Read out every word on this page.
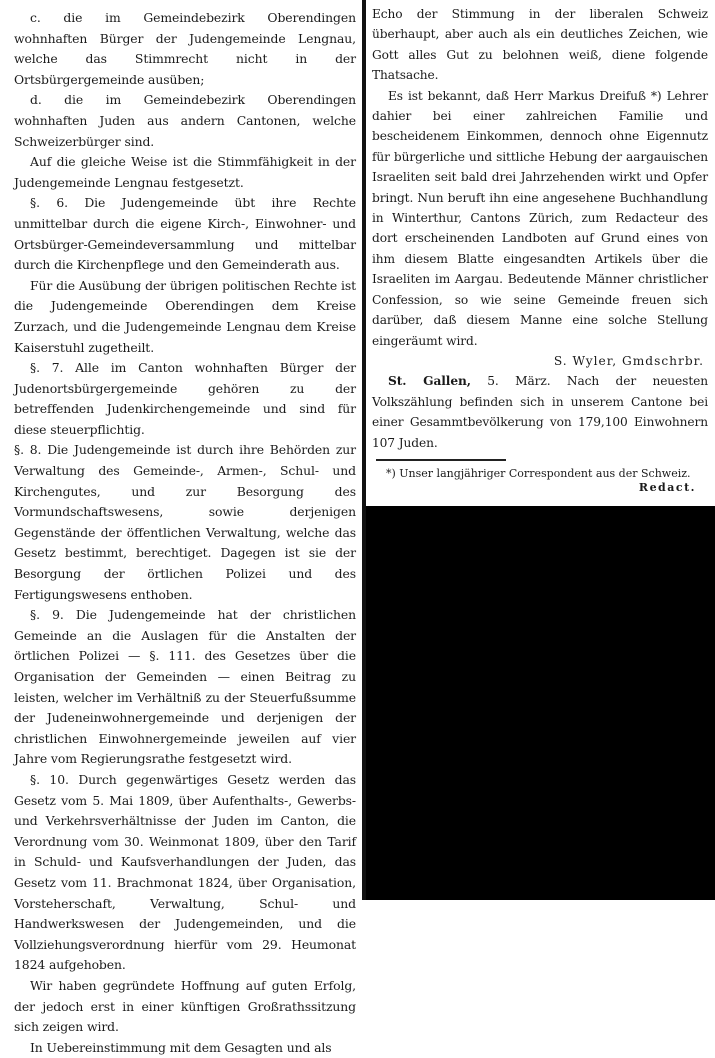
c. die im Gemeindebezirk Oberendingen wohnhaften Bürger der Judengemeinde Lengnau, welche das Stimmrecht nicht in der Ortsbürgergemeinde ausüben;

d. die im Gemeindebezirk Oberendingen wohnhaften Juden aus andern Cantonen, welche Schweizerbürger sind.

Auf die gleiche Weise ist die Stimmfähigkeit in der Judengemeinde Lengnau festgesetzt.

§. 6. Die Judengemeinde übt ihre Rechte unmittelbar durch die eigene Kirch-, Einwohner- und Ortsbürger-Gemeindeversammlung und mittelbar durch die Kirchenpflege und den Gemeinderath aus.

Für die Ausübung der übrigen politischen Rechte ist die Judengemeinde Oberendingen dem Kreise Zurzach, und die Judengemeinde Lengnau dem Kreise Kaiserstuhl zugetheilt.

§. 7. Alle im Canton wohnhaften Bürger der Judenortsbürgergemeinde gehören zu der betreffenden Judenkirchengemeinde und sind für diese steuerpflichtig.

§. 8. Die Judengemeinde ist durch ihre Behörden zur Verwaltung des Gemeinde-, Armen-, Schul- und Kirchengutes, und zur Besorgung des Vormundschaftswesens, sowie derjenigen Gegenstände der öffentlichen Verwaltung, welche das Gesetz bestimmt, berechtiget. Dagegen ist sie der Besorgung der örtlichen Polizei und des Fertigungswesens enthoben.

§. 9. Die Judengemeinde hat der christlichen Gemeinde an die Auslagen für die Anstalten der örtlichen Polizei — §. 111. des Gesetzes über die Organisation der Gemeinden — einen Beitrag zu leisten, welcher im Verhältniß zu der Steuerfußsumme der Judeneinwohnergemeinde und derjenigen der christlichen Einwohnergemeinde jeweilen auf vier Jahre vom Regierungsrathe festgesetzt wird.

§. 10. Durch gegenwärtiges Gesetz werden das Gesetz vom 5. Mai 1809, über Aufenthalts-, Gewerbs- und Verkehrsverhältnisse der Juden im Canton, die Verordnung vom 30. Weinmonat 1809, über den Tarif in Schuld- und Kaufsverhandlungen der Juden, das Gesetz vom 11. Brachmonat 1824, über Organisation, Vorsteherschaft, Verwaltung, Schul- und Handwerkswesen der Judengemeinden, und die Vollziehungsverordnung hierfür vom 29. Heumonat 1824 aufgehoben.

Wir haben gegründete Hoffnung auf guten Erfolg, der jedoch erst in einer künftigen Großrathssitzung sich zeigen wird.

In Uebereinstimmung mit dem Gesagten und als

Echo der Stimmung in der liberalen Schweiz überhaupt, aber auch als ein deutliches Zeichen, wie Gott alles Gut zu belohnen weiß, diene folgende Thatsache.

Es ist bekannt, daß Herr Markus Dreifuß *) Lehrer dahier bei einer zahlreichen Familie und bescheidenem Einkommen, dennoch ohne Eigennutz für bürgerliche und sittliche Hebung der aargauischen Israeliten seit bald drei Jahrzehenden wirkt und Opfer bringt. Nun beruft ihn eine angesehene Buchhandlung in Winterthur, Cantons Zürich, zum Redacteur des dort erscheinenden Landboten auf Grund eines von ihm diesem Blatte eingesandten Artikels über die Israeliten im Aargau. Bedeutende Männer christlicher Confession, so wie seine Gemeinde freuen sich darüber, daß diesem Manne eine solche Stellung eingeräumt wird.

S. Wyler, Gmdschrbr.

St. Gallen, 5. März. Nach der neuesten Volkszählung befinden sich in unserem Cantone bei einer Gesammtbevölkerung von 179,100 Einwohnern 107 Juden.

*) Unser langjähriger Correspondent aus der Schweiz.

Redact.
